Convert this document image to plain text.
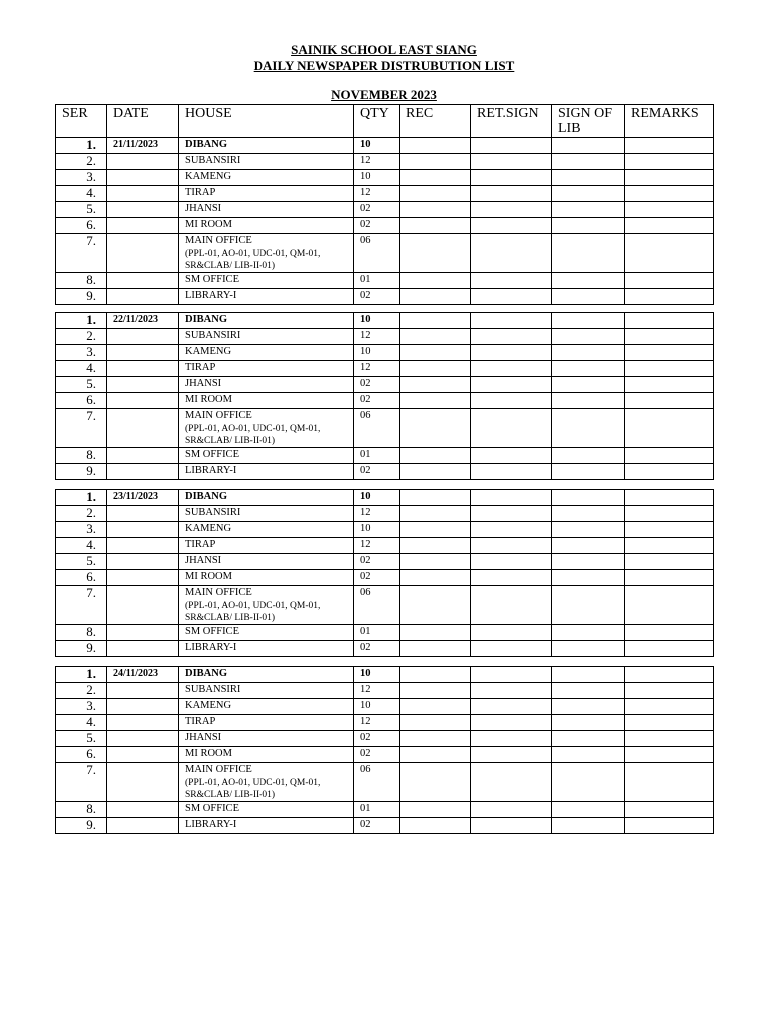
SAINIK SCHOOL EAST SIANG
DAILY NEWSPAPER DISTRUBUTION LIST
NOVEMBER 2023
SER	DATE	HOUSE	QTY	REC	RET.SIGN	SIGN OF LIB	REMARKS
1.	21/11/2023	DIBANG	10				
2.		SUBANSIRI	12				
3.		KAMENG	10				
4.		TIRAP	12				
5.		JHANSI	02				
6.		MI ROOM	02				
7.		MAIN OFFICE
(PPL-01, AO-01, UDC-01, QM-01, SR&CLAB/ LIB-II-01)	06				
8.		SM OFFICE	01				
9.		LIBRARY-I	02				
1.	22/11/2023	DIBANG	10				
2.		SUBANSIRI	12				
3.		KAMENG	10				
4.		TIRAP	12				
5.		JHANSI	02				
6.		MI ROOM	02				
7.		MAIN OFFICE
(PPL-01, AO-01, UDC-01, QM-01, SR&CLAB/ LIB-II-01)	06				
8.		SM OFFICE	01				
9.		LIBRARY-I	02				
1.	23/11/2023	DIBANG	10				
2.		SUBANSIRI	12				
3.		KAMENG	10				
4.		TIRAP	12				
5.		JHANSI	02				
6.		MI ROOM	02				
7.		MAIN OFFICE
(PPL-01, AO-01, UDC-01, QM-01, SR&CLAB/ LIB-II-01)	06				
8.		SM OFFICE	01				
9.		LIBRARY-I	02				
1.	24/11/2023	DIBANG	10				
2.		SUBANSIRI	12				
3.		KAMENG	10				
4.		TIRAP	12				
5.		JHANSI	02				
6.		MI ROOM	02				
7.		MAIN OFFICE
(PPL-01, AO-01, UDC-01, QM-01, SR&CLAB/ LIB-II-01)	06				
8.		SM OFFICE	01				
9.		LIBRARY-I	02				
